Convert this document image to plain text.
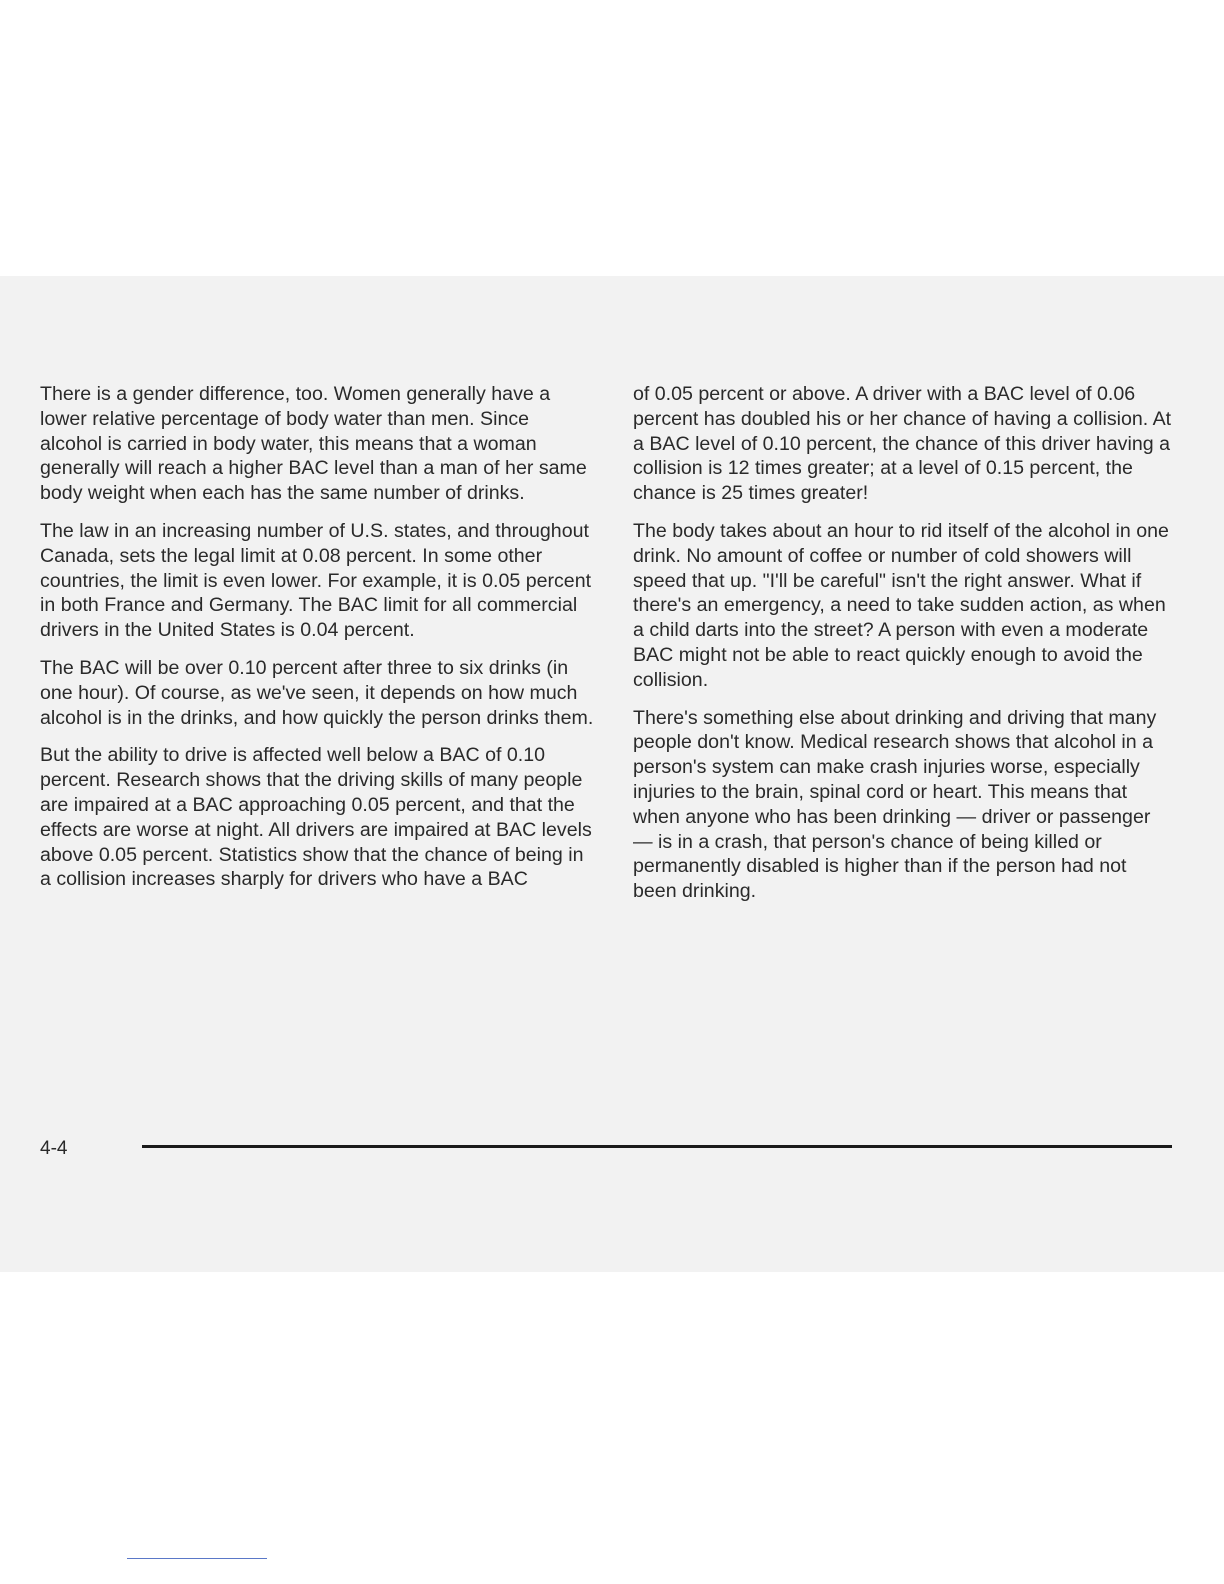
There is a gender difference, too. Women generally have a lower relative percentage of body water than men. Since alcohol is carried in body water, this means that a woman generally will reach a higher BAC level than a man of her same body weight when each has the same number of drinks.

The law in an increasing number of U.S. states, and throughout Canada, sets the legal limit at 0.08 percent. In some other countries, the limit is even lower. For example, it is 0.05 percent in both France and Germany. The BAC limit for all commercial drivers in the United States is 0.04 percent.

The BAC will be over 0.10 percent after three to six drinks (in one hour). Of course, as we've seen, it depends on how much alcohol is in the drinks, and how quickly the person drinks them.

But the ability to drive is affected well below a BAC of 0.10 percent. Research shows that the driving skills of many people are impaired at a BAC approaching 0.05 percent, and that the effects are worse at night. All drivers are impaired at BAC levels above 0.05 percent. Statistics show that the chance of being in a collision increases sharply for drivers who have a BAC

of 0.05 percent or above. A driver with a BAC level of 0.06 percent has doubled his or her chance of having a collision. At a BAC level of 0.10 percent, the chance of this driver having a collision is 12 times greater; at a level of 0.15 percent, the chance is 25 times greater!

The body takes about an hour to rid itself of the alcohol in one drink. No amount of coffee or number of cold showers will speed that up. "I'll be careful" isn't the right answer. What if there's an emergency, a need to take sudden action, as when a child darts into the street? A person with even a moderate BAC might not be able to react quickly enough to avoid the collision.

There's something else about drinking and driving that many people don't know. Medical research shows that alcohol in a person's system can make crash injuries worse, especially injuries to the brain, spinal cord or heart. This means that when anyone who has been drinking — driver or passenger — is in a crash, that person's chance of being killed or permanently disabled is higher than if the person had not been drinking.

4-4
